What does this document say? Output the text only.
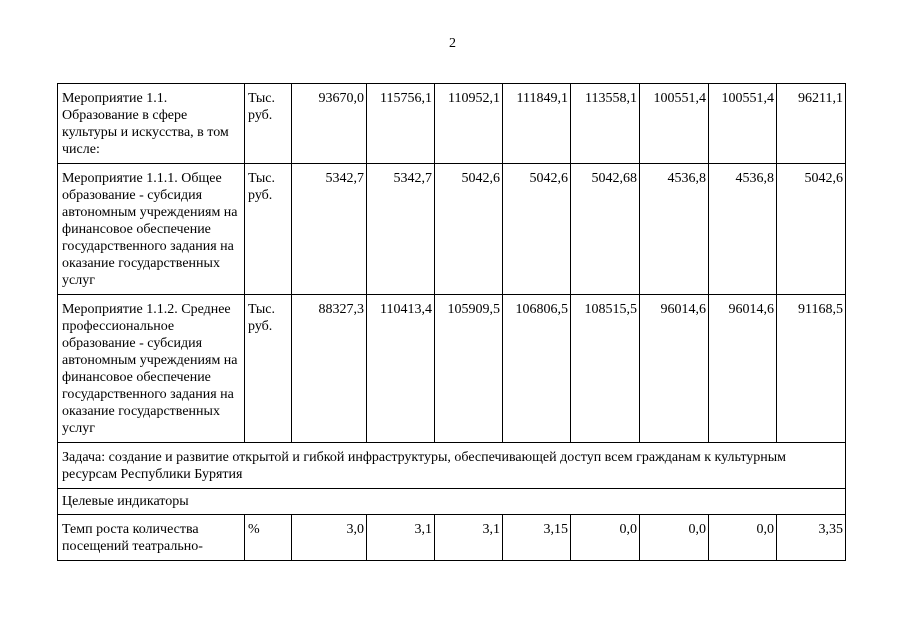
2
Мероприятие 1.1. Образование в сфере культуры и искусства, в том числе:	Тыс. руб.	93670,0	115756,1	110952,1	111849,1	113558,1	100551,4	100551,4	96211,1
Мероприятие 1.1.1. Общее образование - субсидия автономным учреждениям на финансовое обеспечение государственного задания на оказание государственных услуг	Тыс. руб.	5342,7	5342,7	5042,6	5042,6	5042,68	4536,8	4536,8	5042,6
Мероприятие 1.1.2. Среднее профессиональное образование - субсидия автономным учреждениям на финансовое обеспечение государственного задания на оказание государственных услуг	Тыс. руб.	88327,3	110413,4	105909,5	106806,5	108515,5	96014,6	96014,6	91168,5
Задача: создание и развитие открытой и гибкой инфраструктуры, обеспечивающей доступ всем гражданам к культурным ресурсам Республики Бурятия									
Целевые индикаторы									
Темп роста количества посещений театрально-	%	3,0	3,1	3,1	3,15	0,0	0,0	0,0	3,35
